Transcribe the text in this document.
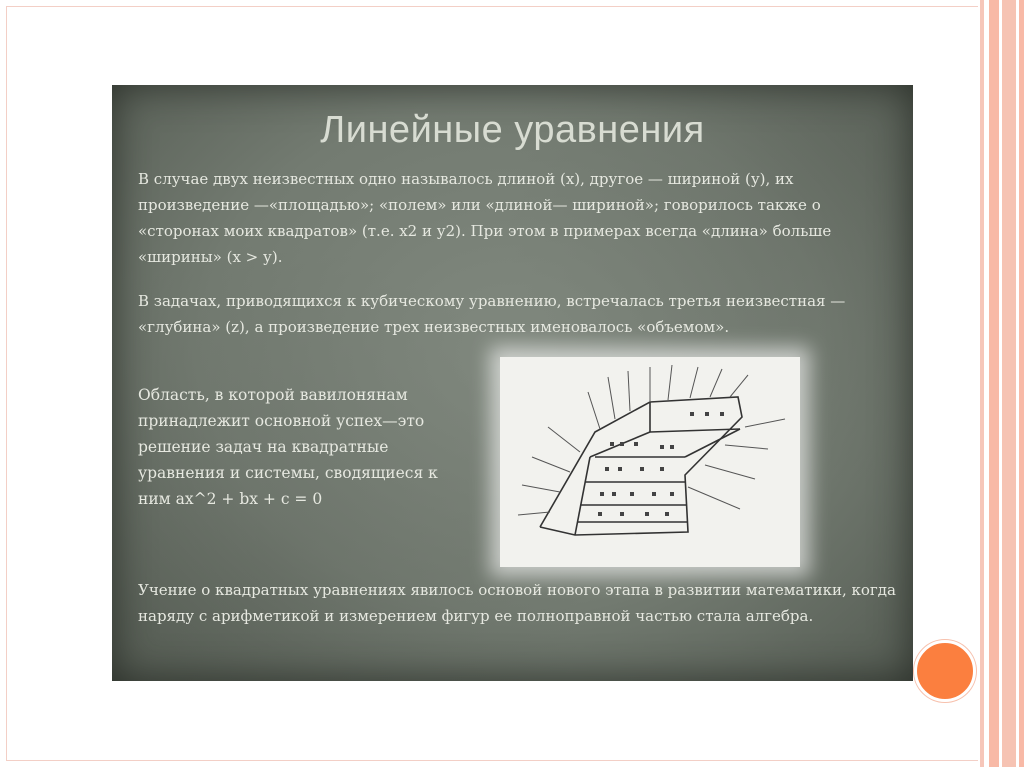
Линейные уравнения

В случае двух неизвестных одно называлось длиной (х), другое — шириной (у), их произведение —«площадью»; «полем» или «длиной— шириной»; говорилось также о «сторонах моих квадратов» (т.е. х2 и у2). При этом в примерах всегда «длина» больше «ширины» (х > у).

В задачах, приводящихся к кубическому уравнению, встречалась третья неизвестная — «глубина» (z), а произведение трех неизвестных именовалось «объемом».

Область, в которой вавилонянам принадлежит основной успех—это решение задач на квадратные уравнения и системы, сводящиеся к ним ax^2 + bx + c = 0

Учение о квадратных уравнениях явилось основой нового этапа в развитии математики, когда наряду с арифметикой и измерением фигур ее полноправной частью стала алгебра.
